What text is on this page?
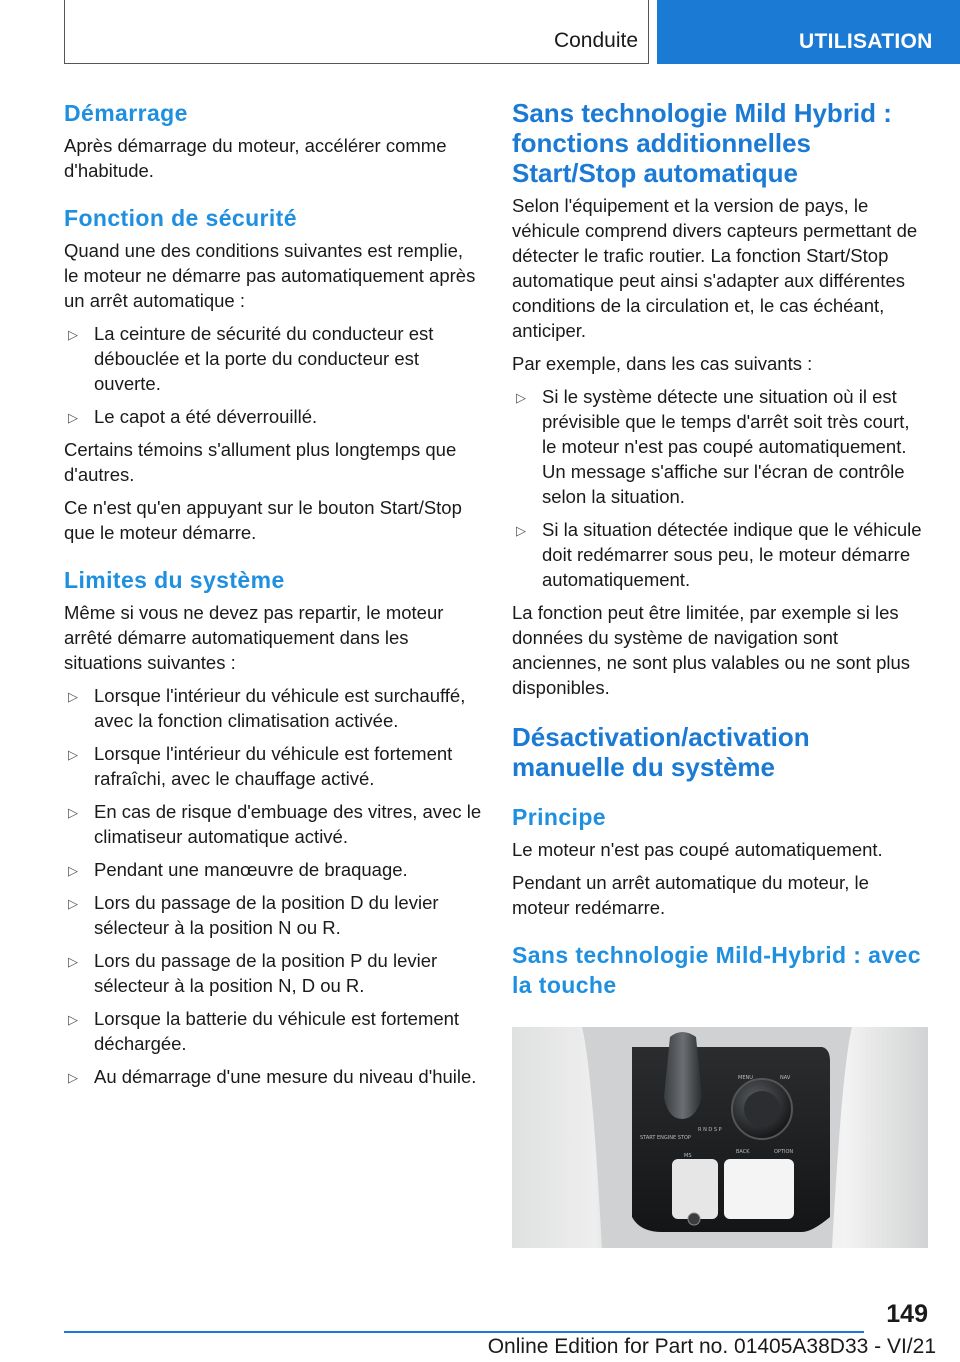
Conduite	UTILISATION
Démarrage

Après démarrage du moteur, accélérer comme d'habitude.

Fonction de sécurité

Quand une des conditions suivantes est remplie, le moteur ne démarre pas automatiquement après un arrêt automatique :

▷ La ceinture de sécurité du conducteur est débouclée et la porte du conducteur est ouverte.
▷ Le capot a été déverrouillé.

Certains témoins s'allument plus longtemps que d'autres.

Ce n'est qu'en appuyant sur le bouton Start/Stop que le moteur démarre.

Limites du système

Même si vous ne devez pas repartir, le moteur arrêté démarre automatiquement dans les situations suivantes :

▷ Lorsque l'intérieur du véhicule est surchauffé, avec la fonction climatisation activée.
▷ Lorsque l'intérieur du véhicule est fortement rafraîchi, avec le chauffage activé.
▷ En cas de risque d'embuage des vitres, avec le climatiseur automatique activé.
▷ Pendant une manœuvre de braquage.
▷ Lors du passage de la position D du levier sélecteur à la position N ou R.
▷ Lors du passage de la position P du levier sélecteur à la position N, D ou R.
▷ Lorsque la batterie du véhicule est fortement déchargée.
▷ Au démarrage d'une mesure du niveau d'huile.
Sans technologie Mild Hybrid : fonctions additionnelles Start/Stop automatique

Selon l'équipement et la version de pays, le véhicule comprend divers capteurs permettant de détecter le trafic routier. La fonction Start/Stop automatique peut ainsi s'adapter aux différentes conditions de la circulation et, le cas échéant, anticiper.

Par exemple, dans les cas suivants :

▷ Si le système détecte une situation où il est prévisible que le temps d'arrêt soit très court, le moteur n'est pas coupé automatiquement. Un message s'affiche sur l'écran de contrôle selon la situation.
▷ Si la situation détectée indique que le véhicule doit redémarrer sous peu, le moteur démarre automatiquement.

La fonction peut être limitée, par exemple si les données du système de navigation sont anciennes, ne sont plus valables ou ne sont plus disponibles.

Désactivation/activation manuelle du système
Principe

Le moteur n'est pas coupé automatiquement.

Pendant un arrêt automatique du moteur, le moteur redémarre.

Sans technologie Mild-Hybrid : avec la touche
MENU	NAV
BACK	OPTION
START ENGINE STOP
R N D S P
MS
149
Online Edition for Part no. 01405A38D33 - VI/21
